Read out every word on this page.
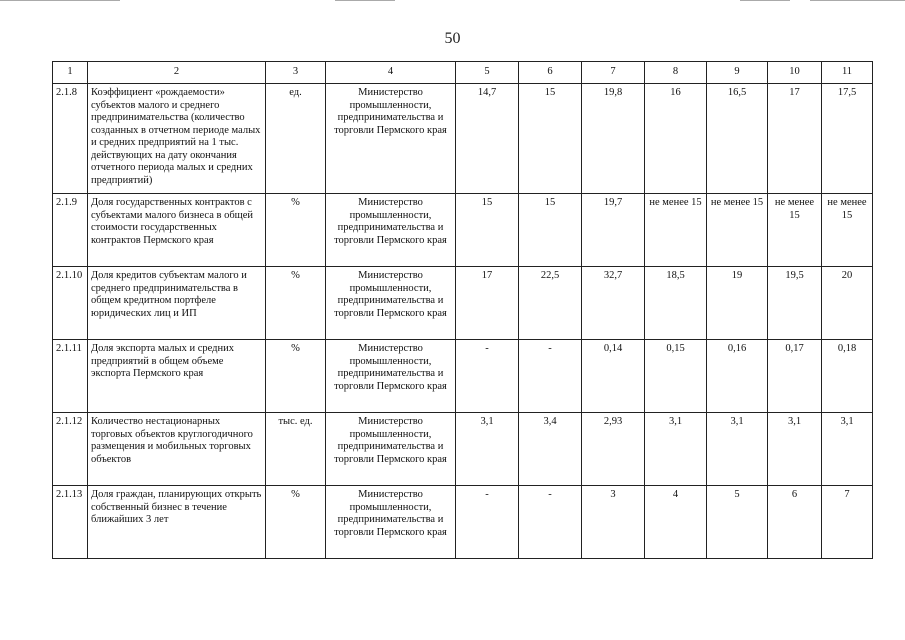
50
1	2	3	4	5	6	7	8	9	10	11
2.1.8	Коэффициент «рождаемости» субъектов малого и среднего предпринимательства (количество созданных в отчетном периоде малых и средних предприятий на 1 тыс. действующих на дату окончания отчетного периода малых и средних предприятий)	ед.	Министерство промышленности, предпринимательства и торговли Пермского края	14,7	15	19,8	16	16,5	17	17,5
2.1.9	Доля государственных контрактов с субъектами малого бизнеса в общей стоимости государственных контрактов Пермского края	%	Министерство промышленности, предпринимательства и торговли Пермского края	15	15	19,7	не менее 15	не менее 15	не менее 15	не менее 15
2.1.10	Доля кредитов субъектам малого и среднего предпринимательства в общем кредитном портфеле юридических лиц и ИП	%	Министерство промышленности, предпринимательства и торговли Пермского края	17	22,5	32,7	18,5	19	19,5	20
2.1.11	Доля экспорта малых и средних предприятий в общем объеме экспорта Пермского края	%	Министерство промышленности, предпринимательства и торговли Пермского края	-	-	0,14	0,15	0,16	0,17	0,18
2.1.12	Количество нестационарных торговых объектов круглогодичного размещения и мобильных торговых объектов	тыс. ед.	Министерство промышленности, предпринимательства и торговли Пермского края	3,1	3,4	2,93	3,1	3,1	3,1	3,1
2.1.13	Доля граждан, планирующих открыть собственный бизнес в течение ближайших 3 лет	%	Министерство промышленности, предпринимательства и торговли Пермского края	-	-	3	4	5	6	7
